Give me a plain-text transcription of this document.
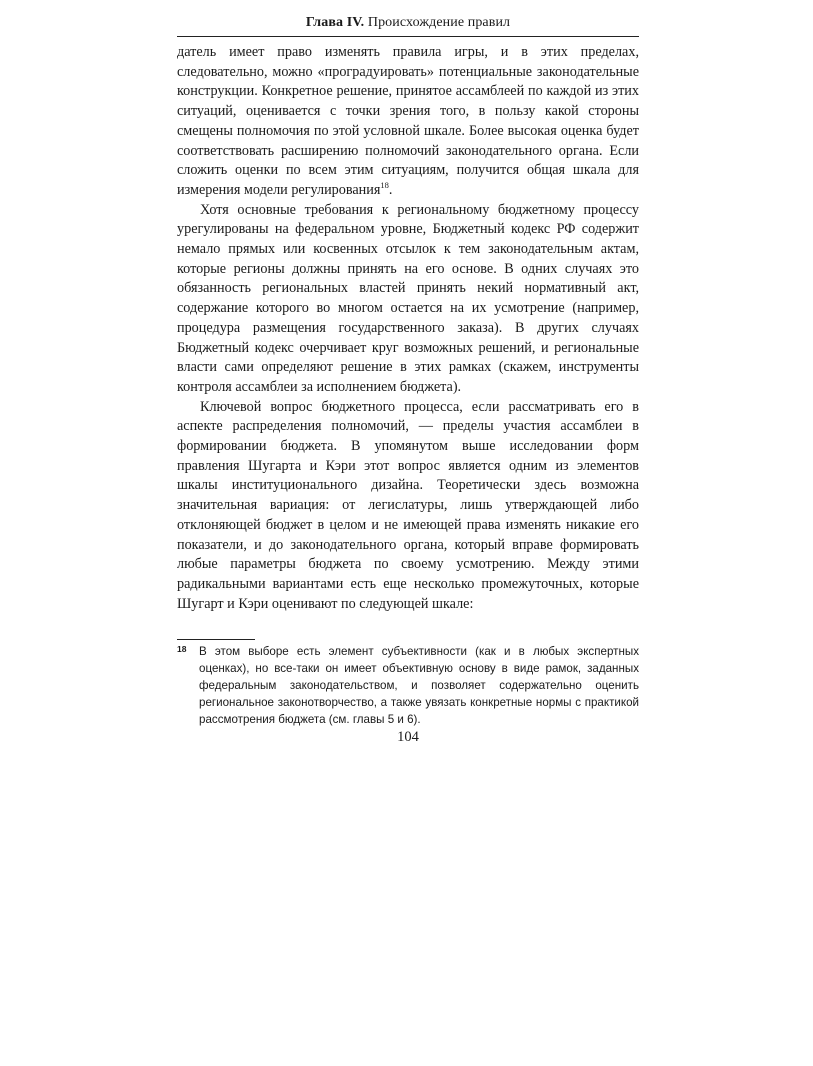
Глава IV. Происхождение правил

датель имеет право изменять правила игры, и в этих пределах, следовательно, можно «проградуировать» потенциальные законодательные конструкции. Конкретное решение, принятое ассамблеей по каждой из этих ситуаций, оценивается с точки зрения того, в пользу какой стороны смещены полномочия по этой условной шкале. Более высокая оценка будет соответствовать расширению полномочий законодательного органа. Если сложить оценки по всем этим ситуациям, получится общая шкала для измерения модели регулирования$^{18}$.

Хотя основные требования к региональному бюджетному процессу урегулированы на федеральном уровне, Бюджетный кодекс РФ содержит немало прямых или косвенных отсылок к тем законодательным актам, которые регионы должны принять на его основе. В одних случаях это обязанность региональных властей принять некий нормативный акт, содержание которого во многом остается на их усмотрение (например, процедура размещения государственного заказа). В других случаях Бюджетный кодекс очерчивает круг возможных решений, и региональные власти сами определяют решение в этих рамках (скажем, инструменты контроля ассамблеи за исполнением бюджета).

Ключевой вопрос бюджетного процесса, если рассматривать его в аспекте распределения полномочий, — пределы участия ассамблеи в формировании бюджета. В упомянутом выше исследовании форм правления Шугарта и Кэри этот вопрос является одним из элементов шкалы институционального дизайна. Теоретически здесь возможна значительная вариация: от легислатуры, лишь утверждающей либо отклоняющей бюджет в целом и не имеющей права изменять никакие его показатели, и до законодательного органа, который вправе формировать любые параметры бюджета по своему усмотрению. Между этими радикальными вариантами есть еще несколько промежуточных, которые Шугарт и Кэри оценивают по следующей шкале:

18 В этом выборе есть элемент субъективности (как и в любых экспертных оценках), но все-таки он имеет объективную основу в виде рамок, заданных федеральным законодательством, и позволяет содержательно оценить региональное законотворчество, а также увязать конкретные нормы с практикой рассмотрения бюджета (см. главы 5 и 6).
104
